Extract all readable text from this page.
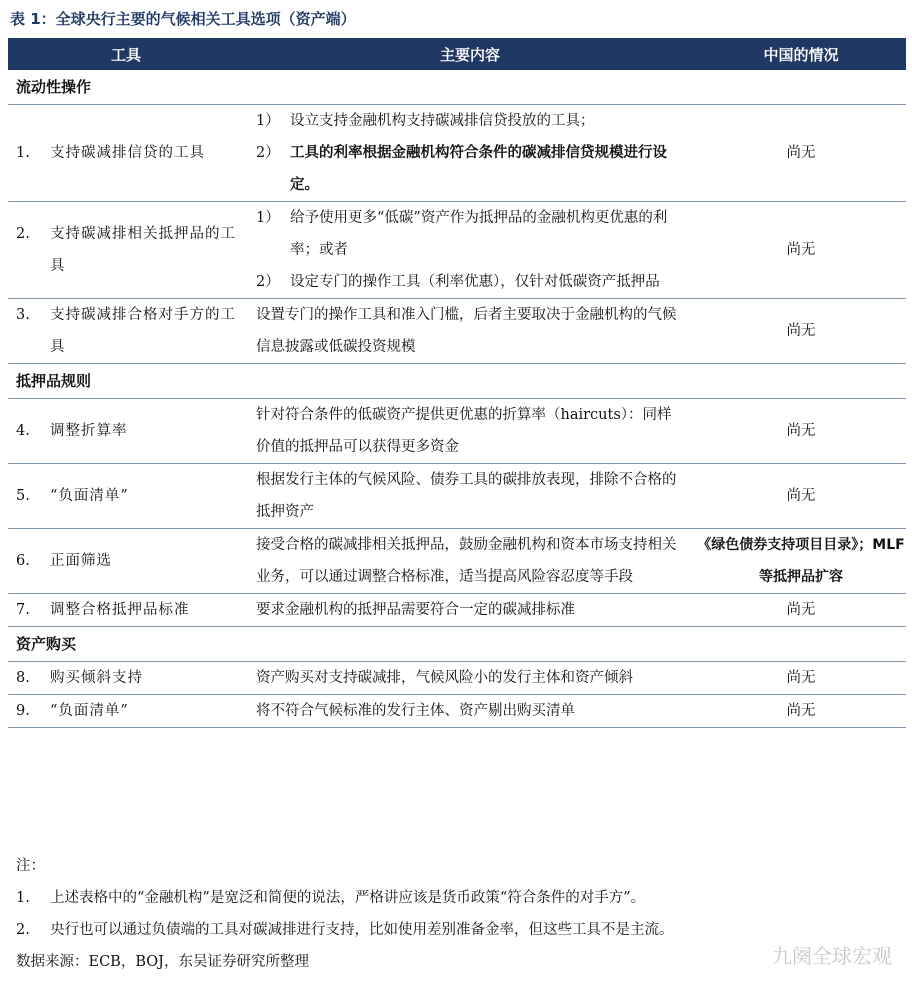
表 1：全球央行主要的气候相关工具选项（资产端）
工具	主要内容	中国的情况
流动性操作		
1. 支持碳减排信贷的工具	1） 设立支持金融机构支持碳减排信贷投放的工具；
2） 工具的利率根据金融机构符合条件的碳减排信贷规模进行设定。	尚无
2. 支持碳减排相关抵押品的工具	1） 给予使用更多“低碳”资产作为抵押品的金融机构更优惠的利率；或者
2） 设定专门的操作工具（利率优惠），仅针对低碳资产抵押品	尚无
3. 支持碳减排合格对手方的工具	设置专门的操作工具和准入门槛，后者主要取决于金融机构的气候信息披露或低碳投资规模	尚无
抵押品规则		
4. 调整折算率	针对符合条件的低碳资产提供更优惠的折算率（haircuts）：同样价值的抵押品可以获得更多资金	尚无
5. “负面清单”	根据发行主体的气候风险、债券工具的碳排放表现，排除不合格的抵押资产	尚无
6. 正面筛选	接受合格的碳减排相关抵押品，鼓励金融机构和资本市场支持相关业务，可以通过调整合格标准，适当提高风险容忍度等手段	《绿色债券支持项目目录》；MLF 等抵押品扩容
7. 调整合格抵押品标准	要求金融机构的抵押品需要符合一定的碳减排标准	尚无
资产购买		
8. 购买倾斜支持	资产购买对支持碳减排，气候风险小的发行主体和资产倾斜	尚无
9. “负面清单”	将不符合气候标准的发行主体、资产剔出购买清单	尚无
注：
1. 上述表格中的“金融机构”是宽泛和简便的说法，严格讲应该是货币政策“符合条件的对手方”。
2. 央行也可以通过负债端的工具对碳减排进行支持，比如使用差别准备金率，但这些工具不是主流。
数据来源：ECB，BOJ，东吴证券研究所整理	九阕全球宏观
